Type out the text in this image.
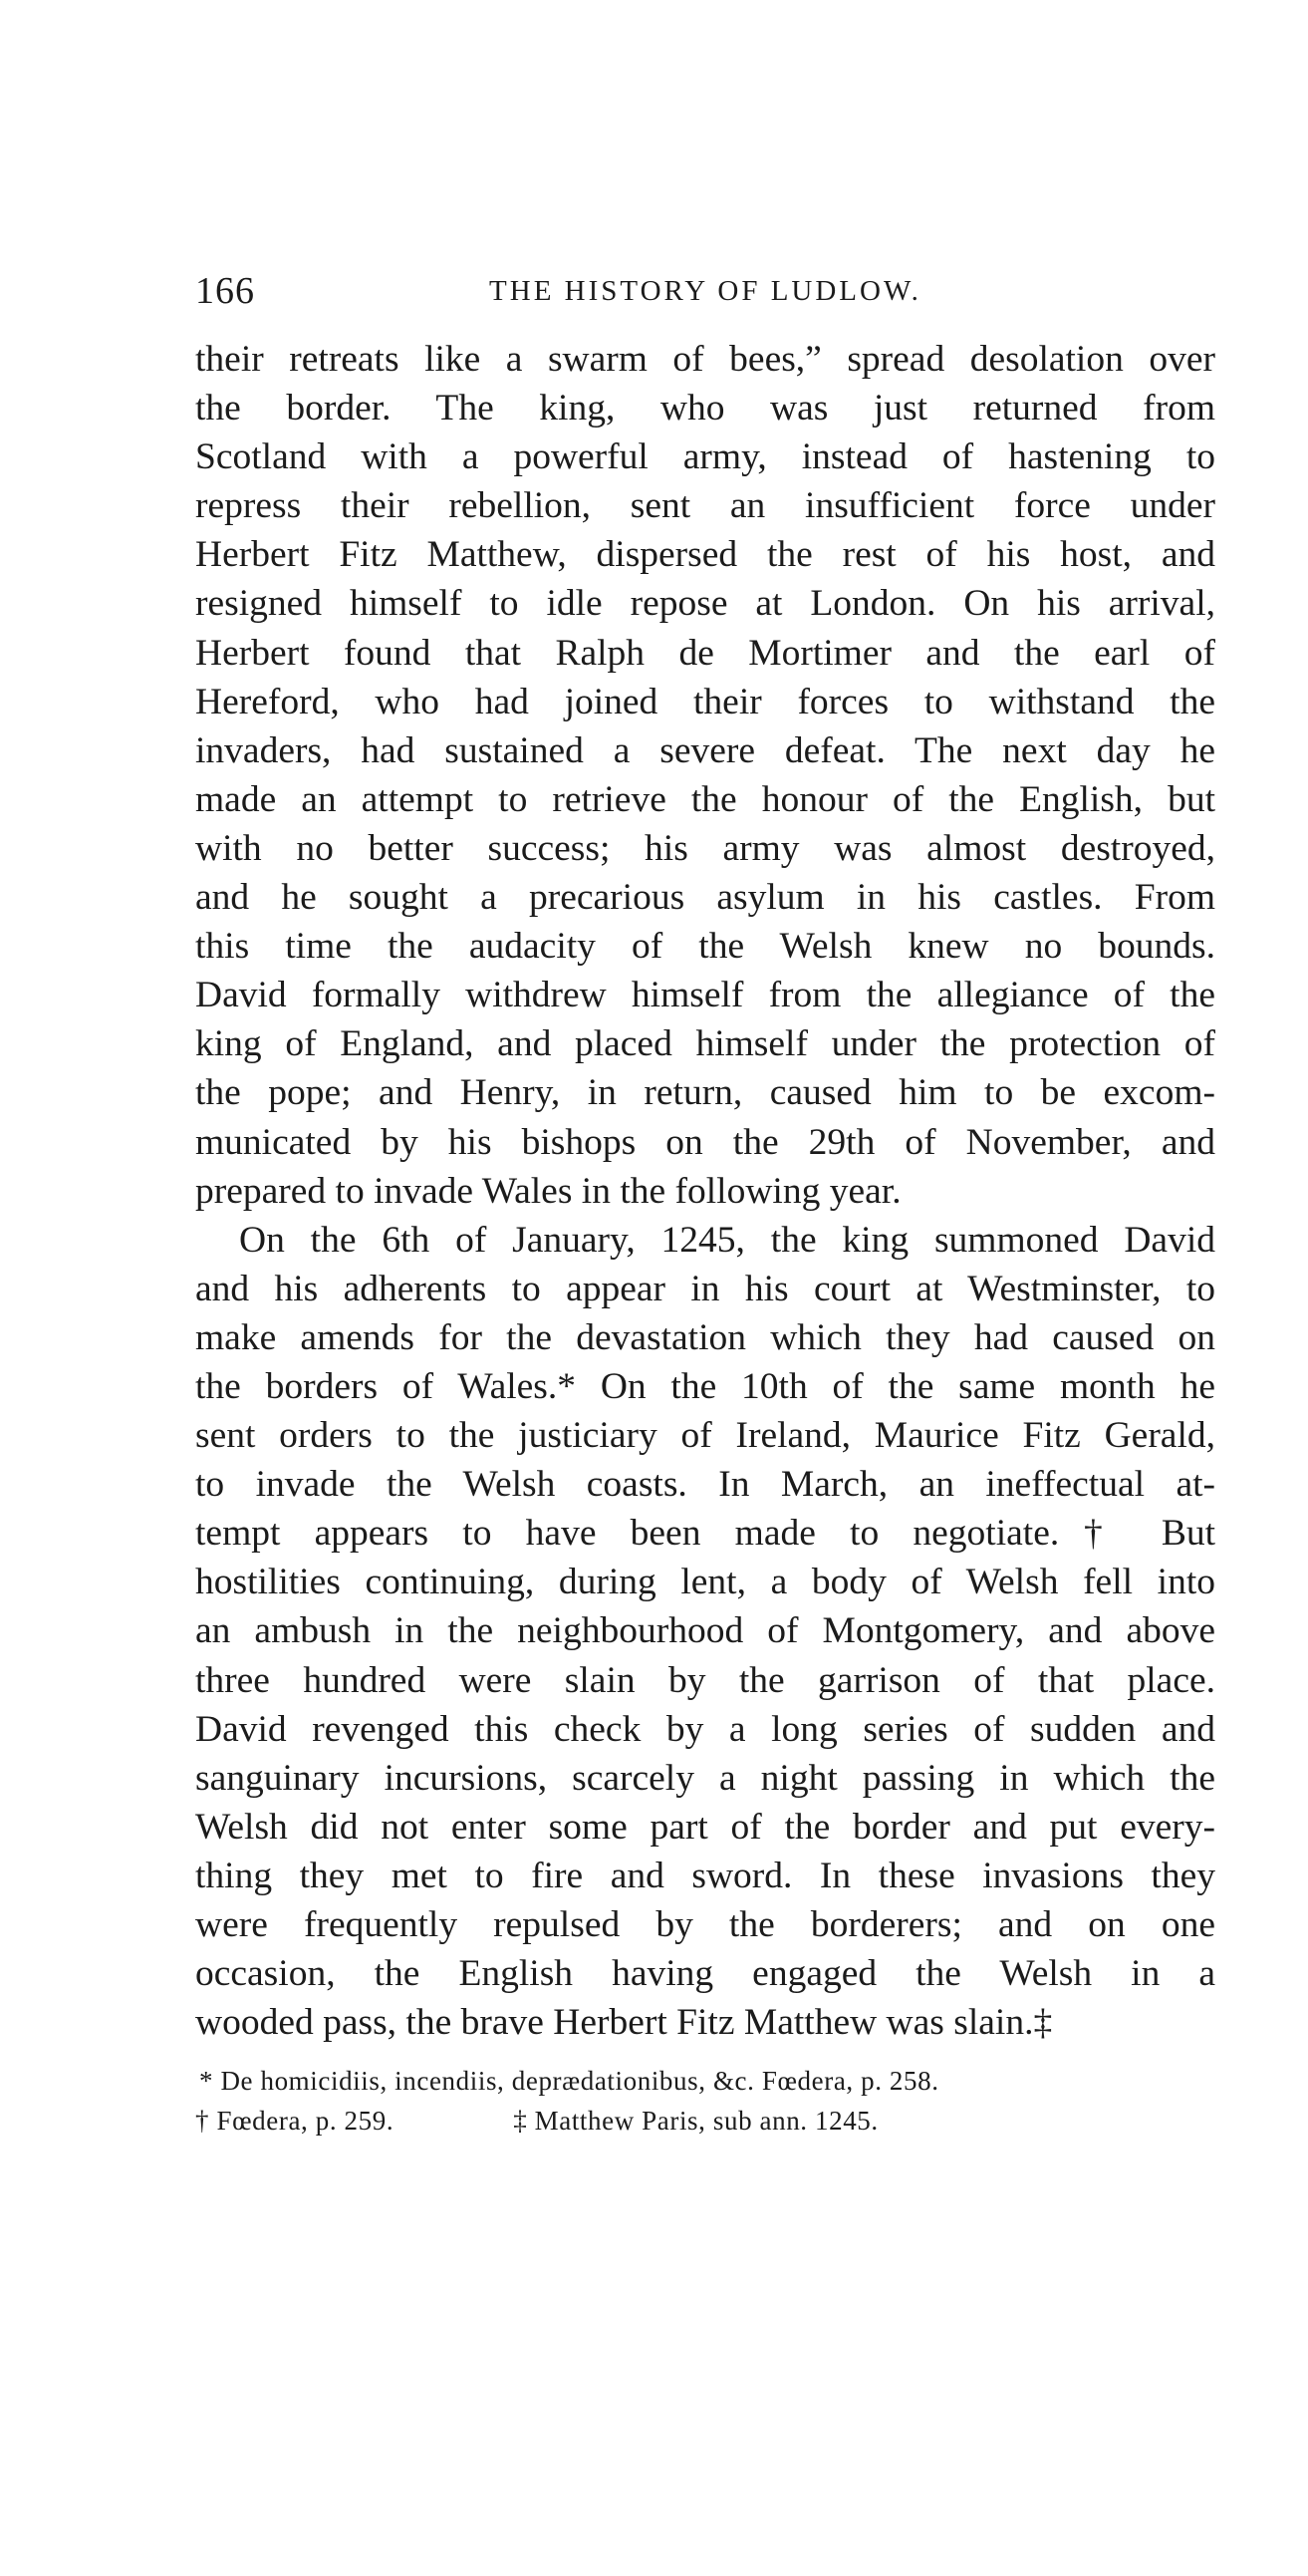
166	THE HISTORY OF LUDLOW.
their retreats like a swarm of bees,” spread desolation over
the border. The king, who was just returned from
Scotland with a powerful army, instead of hastening to
repress their rebellion, sent an insufficient force under
Herbert Fitz Matthew, dispersed the rest of his host, and
resigned himself to idle repose at London. On his arrival,
Herbert found that Ralph de Mortimer and the earl of
Hereford, who had joined their forces to withstand the
invaders, had sustained a severe defeat. The next day he
made an attempt to retrieve the honour of the English, but
with no better success; his army was almost destroyed,
and he sought a precarious asylum in his castles. From
this time the audacity of the Welsh knew no bounds.
David formally withdrew himself from the allegiance of the
king of England, and placed himself under the protection of
the pope; and Henry, in return, caused him to be excom-
municated by his bishops on the 29th of November, and
prepared to invade Wales in the following year.
On the 6th of January, 1245, the king summoned David
and his adherents to appear in his court at Westminster, to
make amends for the devastation which they had caused on
the borders of Wales.* On the 10th of the same month he
sent orders to the justiciary of Ireland, Maurice Fitz Gerald,
to invade the Welsh coasts. In March, an ineffectual at-
tempt appears to have been made to negotiate.† But
hostilities continuing, during lent, a body of Welsh fell into
an ambush in the neighbourhood of Montgomery, and above
three hundred were slain by the garrison of that place.
David revenged this check by a long series of sudden and
sanguinary incursions, scarcely a night passing in which the
Welsh did not enter some part of the border and put every-
thing they met to fire and sword. In these invasions they
were frequently repulsed by the borderers; and on one
occasion, the English having engaged the Welsh in a
wooded pass, the brave Herbert Fitz Matthew was slain.‡
* De homicidiis, incendiis, deprædationibus, &c. Fœdera, p. 258.
† Fœdera, p. 259.	‡ Matthew Paris, sub ann. 1245.
